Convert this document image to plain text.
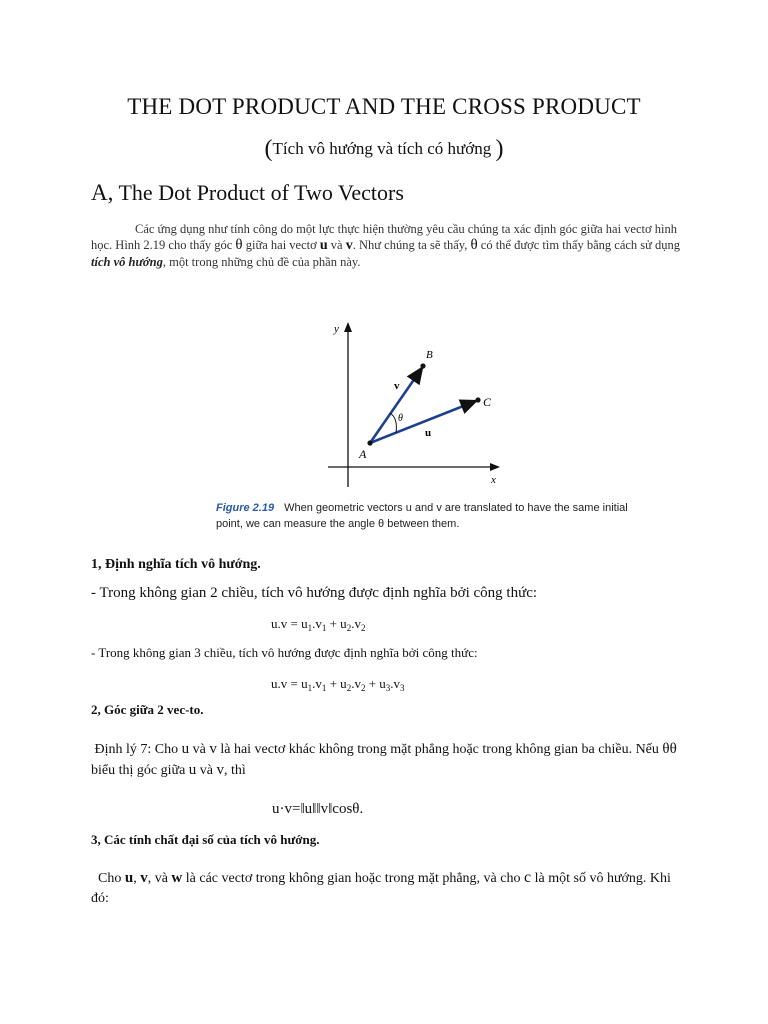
THE DOT PRODUCT AND THE CROSS PRODUCT
(Tích vô hướng và tích có hướng )
A, The Dot Product of Two Vectors
Các ứng dụng như tính công do một lực thực hiện thường yêu cầu chúng ta xác định góc giữa hai vectơ hình học. Hình 2.19 cho thấy góc θ giữa hai vectơ u và v. Như chúng ta sẽ thấy, θ có thể được tìm thấy bằng cách sử dụng tích vô hướng, một trong những chủ đề của phần này.
y
x
A
B
C
v
u
θ
Figure 2.19 When geometric vectors u and v are translated to have the same initial point, we can measure the angle θ between them.
1, Định nghĩa tích vô hướng.
- Trong không gian 2 chiều, tích vô hướng được định nghĩa bởi công thức:
$u.v = u_1.v_1 + u_2.v_2$
- Trong không gian 3 chiều, tích vô hướng được định nghĩa bởi công thức:
$u.v = u_1.v_1 + u_2.v_2 + u_3.v_3$
2, Góc giữa 2 vec-to.
Định lý 7: Cho u và v là hai vectơ khác không trong mặt phẳng hoặc trong không gian ba chiều. Nếu θθ biểu thị góc giữa u và v, thì
u·v=‖u‖‖v‖cosθ.
3, Các tính chất đại số của tích vô hướng.
Cho u, v, và w là các vectơ trong không gian hoặc trong mặt phẳng, và cho c là một số vô hướng. Khi đó:
